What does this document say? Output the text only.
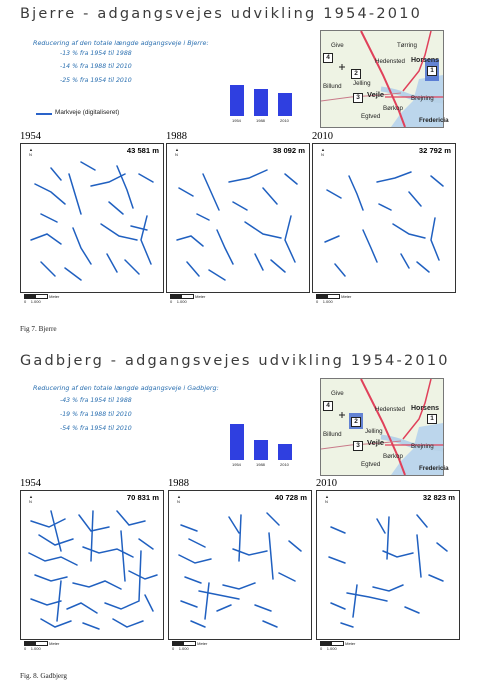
Bjerre - adgangsvejes udvikling 1954-2010
Reducering af den totale længde adgangsveje i Bjerre:
-13 % fra 1954 til 1988
-14 % fra 1988 til 2010
-25 % fra 1954 til 2010
Markveje (digitaliseret)
1954	1988	2010
Give	Tørring
Hedensted Horsens
Jelling
Billund
Vejle
Børkop
Brejning
Egtved
Fredericia
4
2	1
3
1954	1988	2010
43 581 m
▲
N	38 092 m
▲
N	32 792 m
▲
N
Meter
0 1.000
Meter
0 1.000
Meter
0 1.000
Fig 7. Bjerre
Gadbjerg - adgangsvejes udvikling 1954-2010
Reducering af den totale længde adgangsveje i Gadbjerg:
-43 % fra 1954 til 1988
-19 % fra 1988 til 2010
-54 % fra 1954 til 2010
1954	1988	2010
Give
Hedensted Horsens
Jelling
Billund
Vejle	Brejning
Børkop
Egtved
Fredericia
4
2	1
3
1954	1988	2010
70 831 m
▲
N	40 728 m
▲
N	32 823 m
▲
N
Meter
0 1.000
Meter
0 1.000
Meter
0 1.000
Fig. 8. Gadbjerg
